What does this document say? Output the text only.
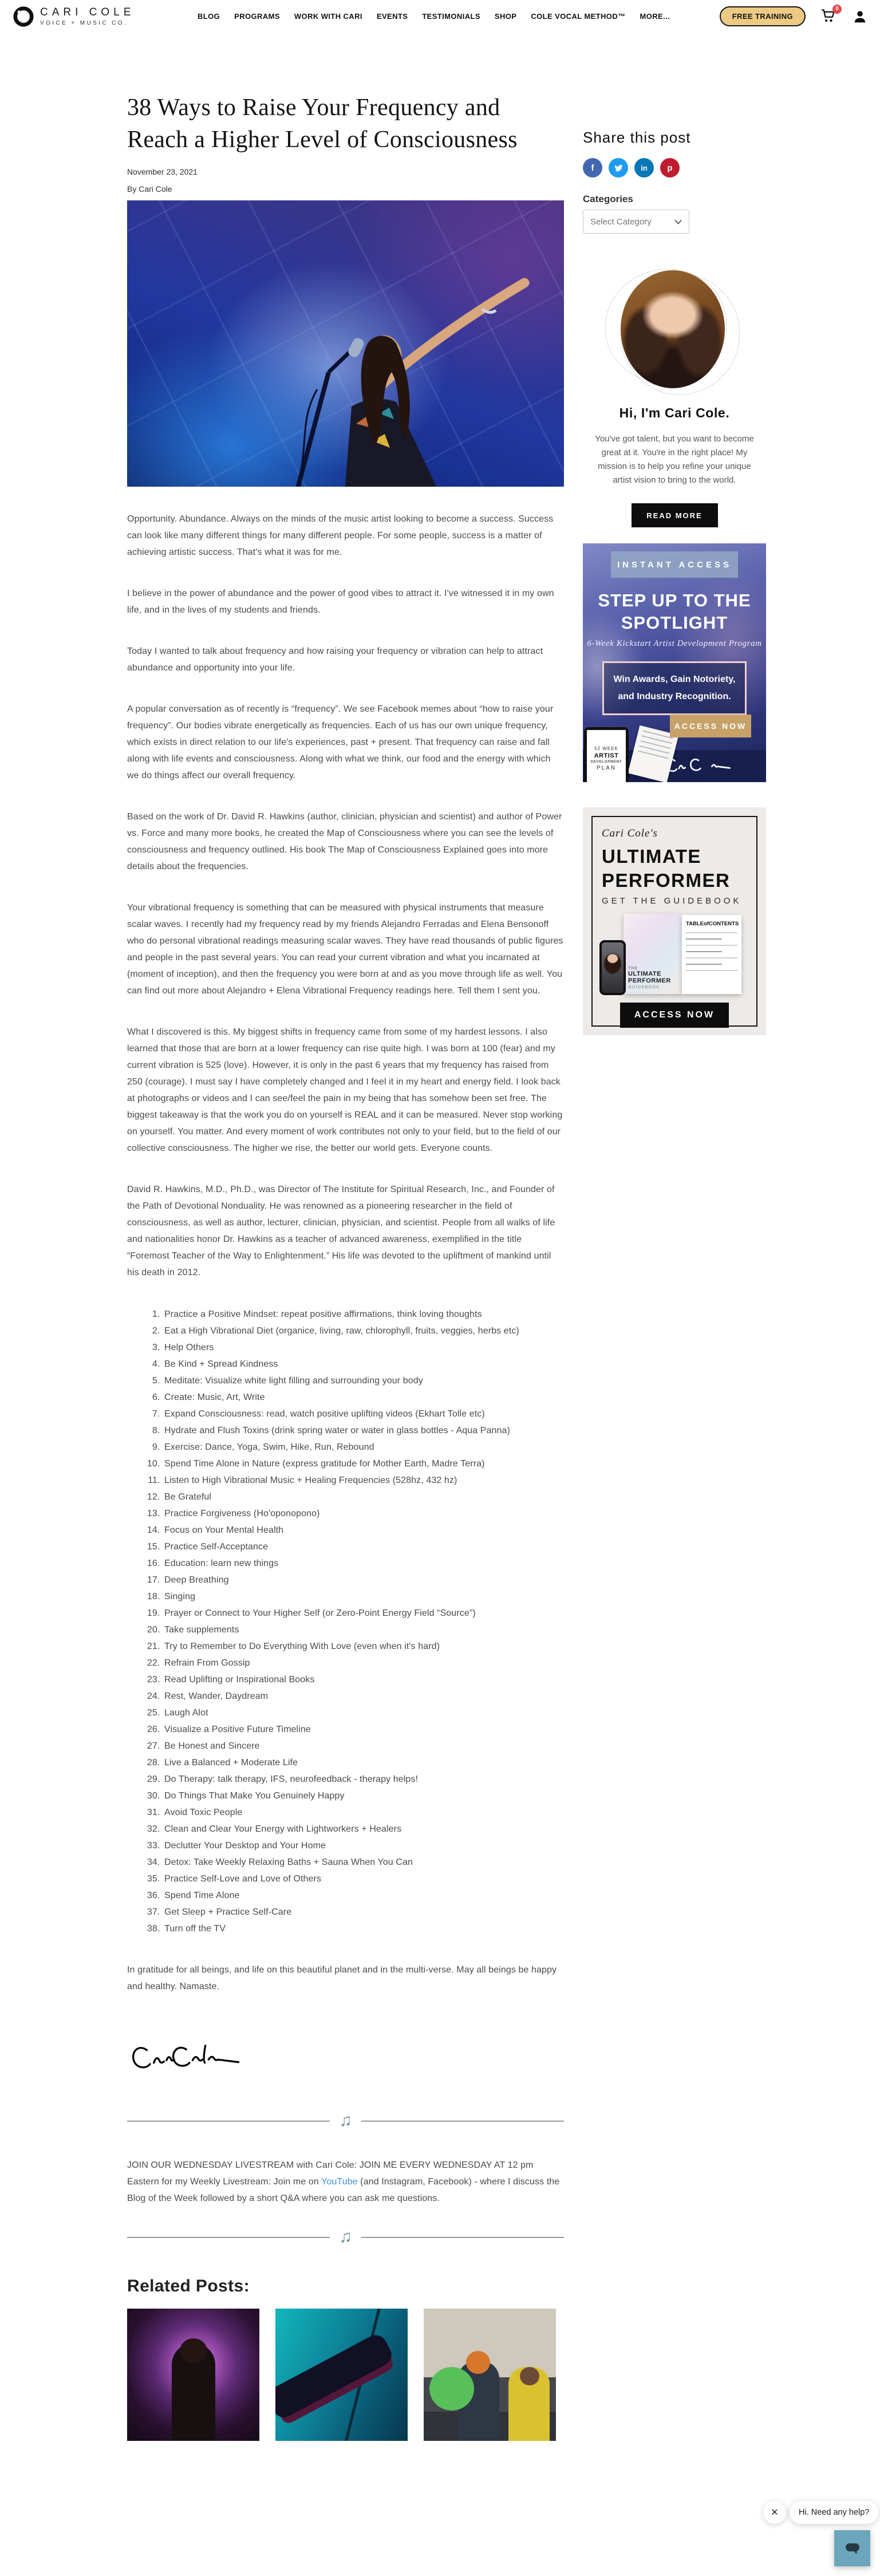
CARI COLE
VOICE + MUSIC CO.
BLOG PROGRAMS WORK WITH CARI EVENTS TESTIMONIALS SHOP COLE VOCAL METHOD™ MORE...	FREE TRAINING
0
38 Ways to Raise Your Frequency and Reach a Higher Level of Consciousness
November 23, 2021
By Cari Cole

Opportunity. Abundance. Always on the minds of the music artist looking to become a success. Success can look like many different things for many different people. For some people, success is a matter of achieving artistic success. That's what it was for me.

I believe in the power of abundance and the power of good vibes to attract it. I've witnessed it in my own life, and in the lives of my students and friends.

Today I wanted to talk about frequency and how raising your frequency or vibration can help to attract abundance and opportunity into your life.

A popular conversation as of recently is “frequency”. We see Facebook memes about “how to raise your frequency”. Our bodies vibrate energetically as frequencies. Each of us has our own unique frequency, which exists in direct relation to our life's experiences, past + present. That frequency can raise and fall along with life events and consciousness. Along with what we think, our food and the energy with which we do things affect our overall frequency.

Based on the work of Dr. David R. Hawkins (author, clinician, physician and scientist) and author of Power vs. Force and many more books, he created the Map of Consciousness where you can see the levels of consciousness and frequency outlined. His book The Map of Consciousness Explained goes into more details about the frequencies.

Your vibrational frequency is something that can be measured with physical instruments that measure scalar waves. I recently had my frequency read by my friends Alejandro Ferradas and Elena Bensonoff who do personal vibrational readings measuring scalar waves. They have read thousands of public figures and people in the past several years. You can read your current vibration and what you incarnated at (moment of inception), and then the frequency you were born at and as you move through life as well. You can find out more about Alejandro + Elena Vibrational Frequency readings here. Tell them I sent you.

What I discovered is this. My biggest shifts in frequency came from some of my hardest lessons. I also learned that those that are born at a lower frequency can rise quite high. I was born at 100 (fear) and my current vibration is 525 (love). However, it is only in the past 6 years that my frequency has raised from 250 (courage). I must say I have completely changed and I feel it in my heart and energy field. I look back at photographs or videos and I can see/feel the pain in my being that has somehow been set free. The biggest takeaway is that the work you do on yourself is REAL and it can be measured. Never stop working on yourself. You matter. And every moment of work contributes not only to your field, but to the field of our collective consciousness. The higher we rise, the better our world gets. Everyone counts.

David R. Hawkins, M.D., Ph.D., was Director of The Institute for Spiritual Research, Inc., and Founder of the Path of Devotional Nonduality. He was renowned as a pioneering researcher in the field of consciousness, as well as author, lecturer, clinician, physician, and scientist. People from all walks of life and nationalities honor Dr. Hawkins as a teacher of advanced awareness, exemplified in the title “Foremost Teacher of the Way to Enlightenment.” His life was devoted to the upliftment of mankind until his death in 2012.

1. Practice a Positive Mindset: repeat positive affirmations, think loving thoughts
2. Eat a High Vibrational Diet (organice, living, raw, chlorophyll, fruits, veggies, herbs etc)
3. Help Others
4. Be Kind + Spread Kindness
5. Meditate: Visualize white light filling and surrounding your body
6. Create: Music, Art, Write
7. Expand Consciousness: read, watch positive uplifting videos (Ekhart Tolle etc)
8. Hydrate and Flush Toxins (drink spring water or water in glass bottles - Aqua Panna)
9. Exercise: Dance, Yoga, Swim, Hike, Run, Rebound
10. Spend Time Alone in Nature (express gratitude for Mother Earth, Madre Terra)
11. Listen to High Vibrational Music + Healing Frequencies (528hz, 432 hz)
12. Be Grateful
13. Practice Forgiveness (Ho'oponopono)
14. Focus on Your Mental Health
15. Practice Self-Acceptance
16. Education: learn new things
17. Deep Breathing
18. Singing
19. Prayer or Connect to Your Higher Self (or Zero-Point Energy Field “Source”)
20. Take supplements
21. Try to Remember to Do Everything With Love (even when it's hard)
22. Refrain From Gossip
23. Read Uplifting or Inspirational Books
24. Rest, Wander, Daydream
25. Laugh Alot
26. Visualize a Positive Future Timeline
27. Be Honest and Sincere
28. Live a Balanced + Moderate Life
29. Do Therapy: talk therapy, IFS, neurofeedback - therapy helps!
30. Do Things That Make You Genuinely Happy
31. Avoid Toxic People
32. Clean and Clear Your Energy with Lightworkers + Healers
33. Declutter Your Desktop and Your Home
34. Detox: Take Weekly Relaxing Baths + Sauna When You Can
35. Practice Self-Love and Love of Others
36. Spend Time Alone
37. Get Sleep + Practice Self-Care
38. Turn off the TV

In gratitude for all beings, and life on this beautiful planet and in the multi-verse. May all beings be happy and healthy. Namaste.

♫

JOIN OUR WEDNESDAY LIVESTREAM with Cari Cole: JOIN ME EVERY WEDNESDAY AT 12 pm Eastern for my Weekly Livestream: Join me on YouTube (and Instagram, Facebook) - where I discuss the Blog of the Week followed by a short Q&A where you can ask me questions.

♫
Related Posts:
Share this post
f	in	p
Categories
Select Category
Hi, I'm Cari Cole.

You've got talent, but you want to become great at it. You're in the right place! My mission is to help you refine your unique artist vision to bring to the world.

READ MORE
INSTANT ACCESS
STEP UP TO THE
SPOTLIGHT
6-Week Kickstart Artist Development Program
Win Awards, Gain Notoriety, and Industry Recognition.
52 WEEK
ARTIST
DEVELOPMENT
PLAN
ACCESS NOW
Cari Cole's
ULTIMATE
PERFORMER
GET THE GUIDEBOOK
THE
ULTIMATE
PERFORMER
GUIDEBOOK
TABLEofCONTENTS
ACCESS NOW
✕	Hi. Need any help?
